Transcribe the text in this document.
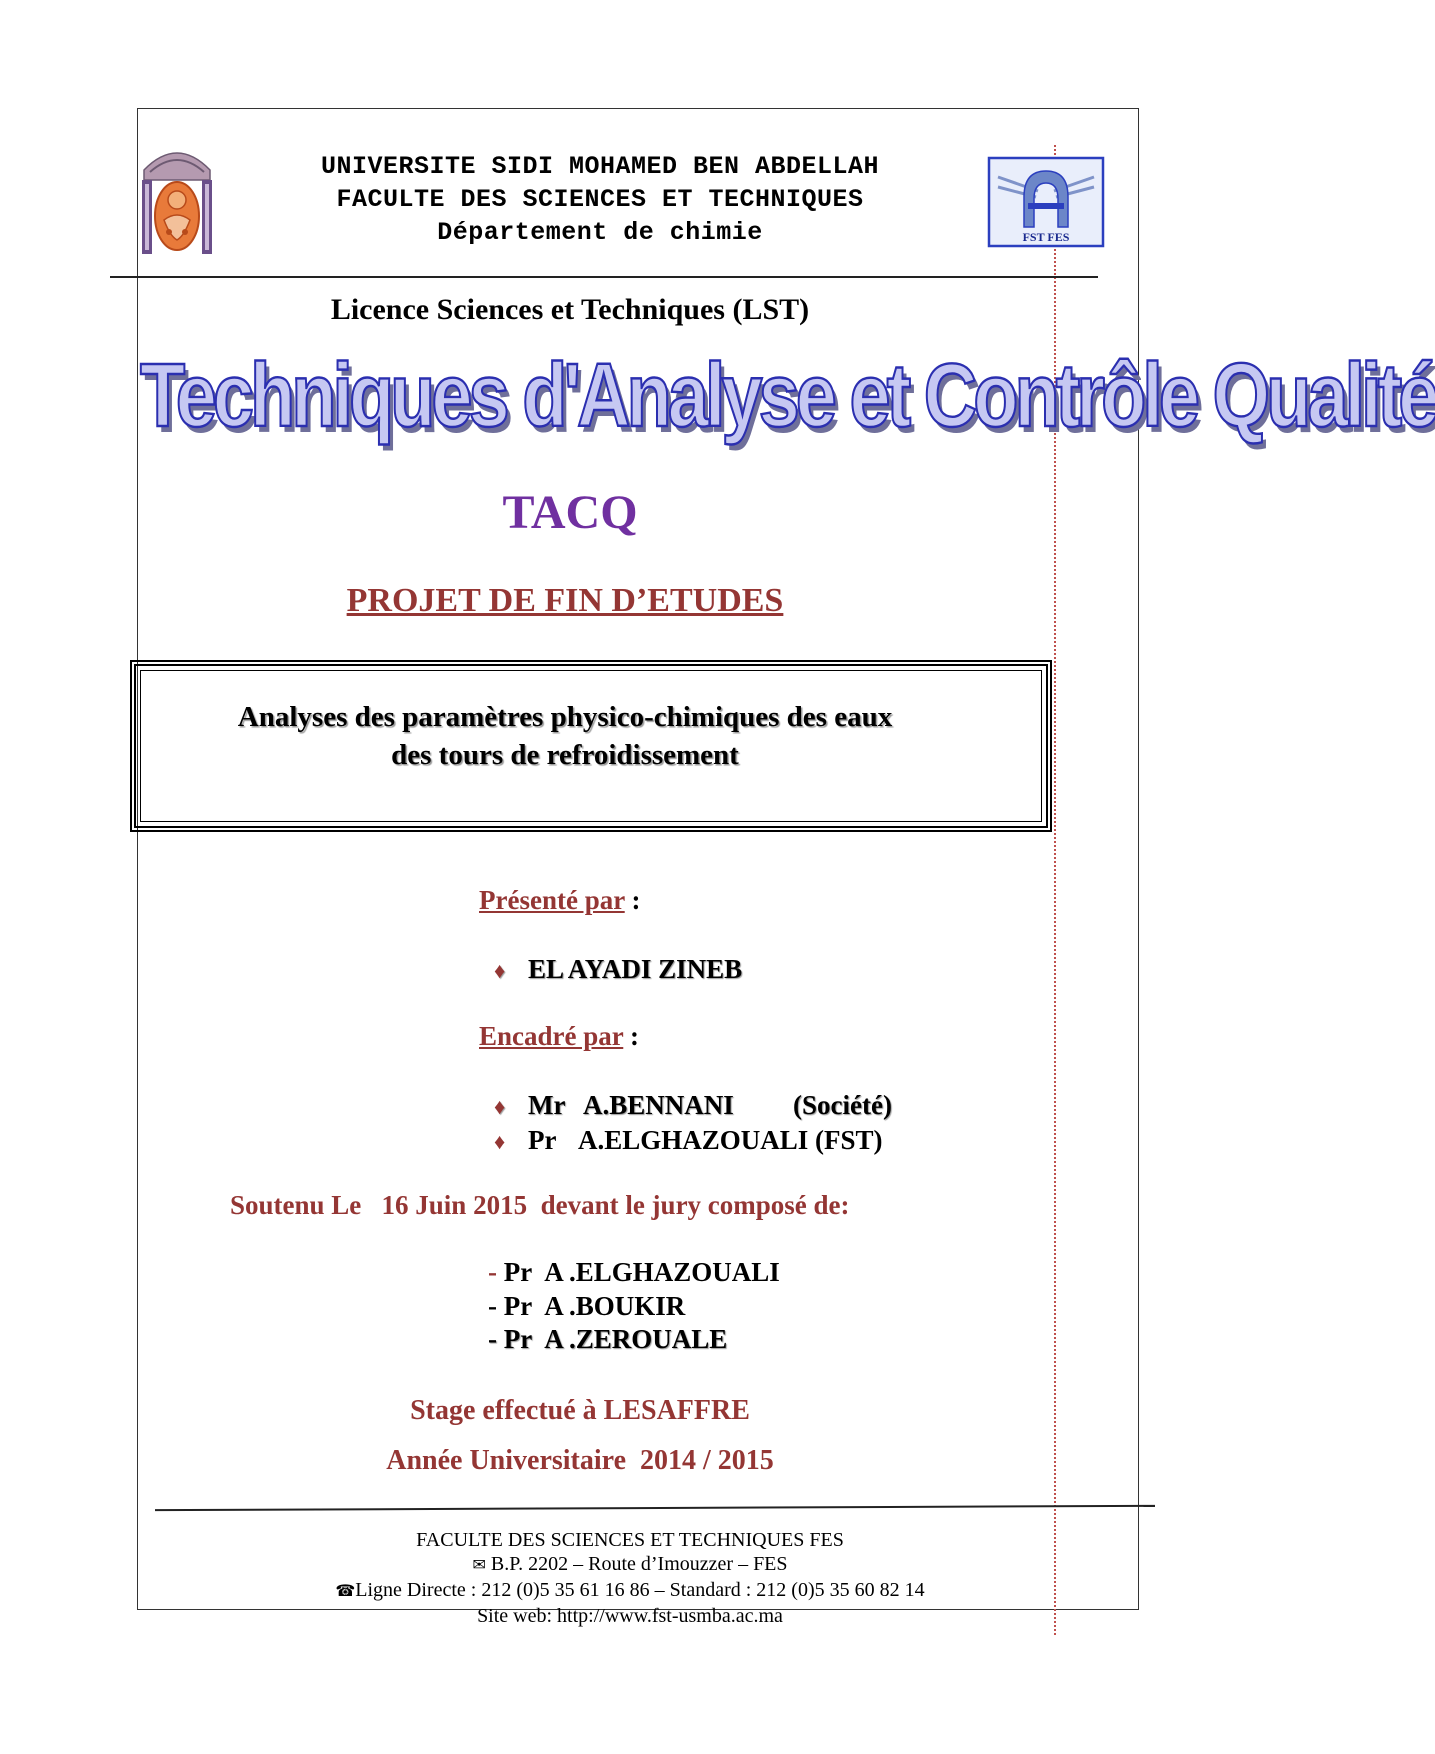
FST FES
UNIVERSITE SIDI MOHAMED BEN ABDELLAH
FACULTE DES SCIENCES ET TECHNIQUES
Département de chimie
Licence Sciences et Techniques (LST)
Techniques d'Analyse et Contrôle Qualité
TACQ
PROJET DE FIN D’ETUDES
Analyses des paramètres physico-chimiques des eaux
des tours de refroidissement
Présenté par :
♦ EL AYADI ZINEB
Encadré par :
♦ Mr A.BENNANI (Société)
♦ Pr A.ELGHAZOUALI (FST)
Soutenu Le   16 Juin 2015  devant le jury composé de:
- Pr A .ELGHAZOUALI
- Pr A .BOUKIR
- Pr A .ZEROUALE
Stage effectué à LESAFFRE
Année Universitaire  2014 / 2015
FACULTE DES SCIENCES ET TECHNIQUES FES
✉ B.P. 2202 – Route d’Imouzzer – FES
☎Ligne Directe : 212 (0)5 35 61 16 86 – Standard : 212 (0)5 35 60 82 14
Site web: http://www.fst-usmba.ac.ma
